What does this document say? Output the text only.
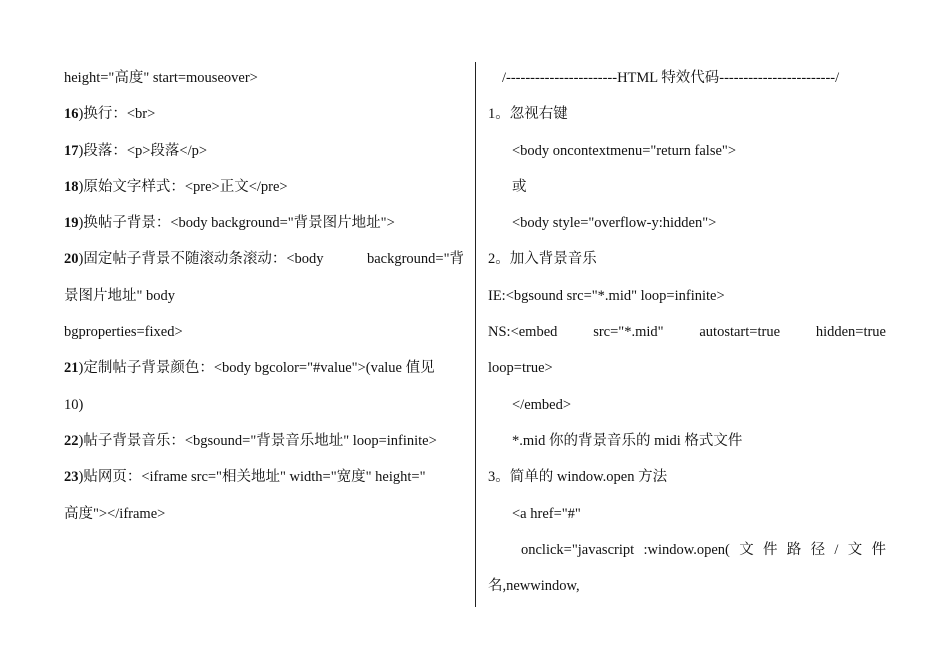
height="高度" start=mouseover>
16)换行：<br>
17)段落：<p>段落</p>
18)原始文字样式：<pre>正文</pre>
19)换帖子背景：<body background="背景图片地址">
20)固定帖子背景不随滚动条滚动：<body	background="背
景图片地址" body
bgproperties=fixed>
21)定制帖子背景颜色：<body bgcolor="#value">(value 值见
10)
22)帖子背景音乐：<bgsound="背景音乐地址" loop=infinite>
23)贴网页：<iframe src="相关地址" width="宽度" height="
高度"></iframe>
/-----------------------HTML 特效代码------------------------/
1。忽视右键
<body oncontextmenu="return false">
或
<body style="overflow-y:hidden">
2。加入背景音乐
IE:<bgsound src="*.mid" loop=infinite>
NS:<embed src="*.mid" autostart=true hidden=true
loop=true>
</embed>
*.mid 你的背景音乐的 midi 格式文件
3。简单的 window.open 方法
<a href="#"
onclick="javascript :window.open( 文 件 路 径 / 文 件
名,newwindow,
